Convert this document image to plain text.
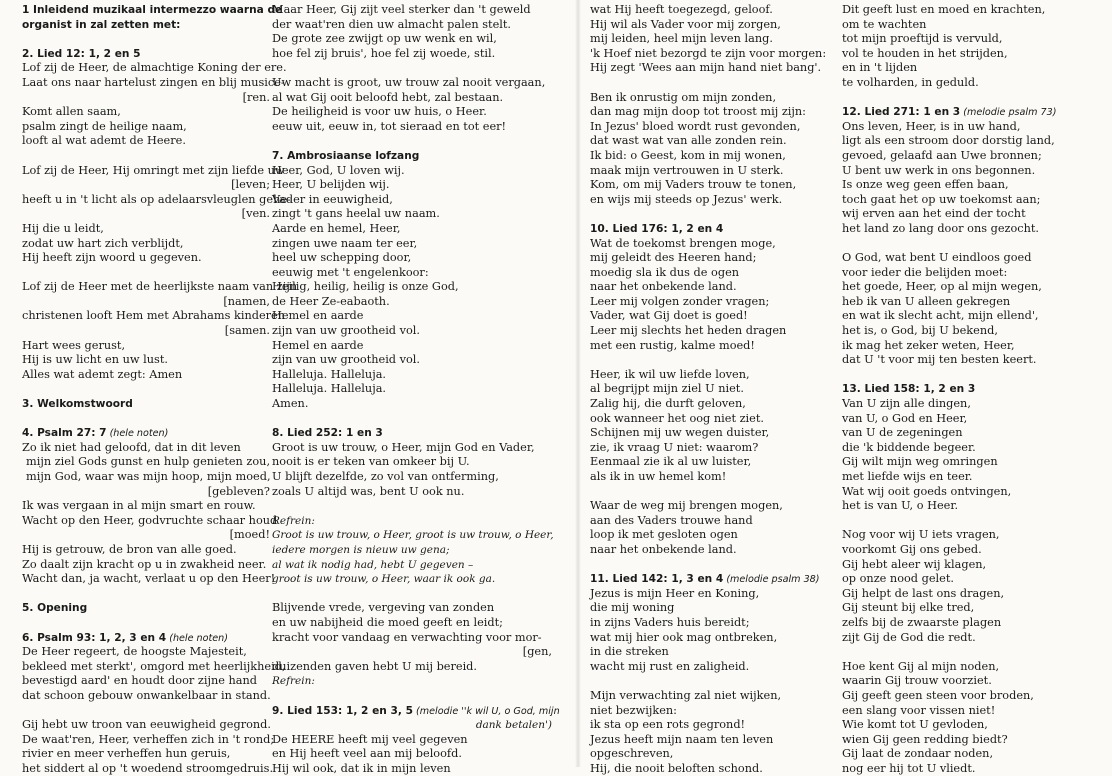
1 Inleidend muzikaal intermezzo waarna de
organist in zal zetten met:
2. Lied 12: 1, 2 en 5
Lof zij de Heer, de almachtige Koning der ere.
Laat ons naar hartelust zingen en blij musice-
[ren.
Komt allen saam,
psalm zingt de heilige naam,
looft al wat ademt de Heere.
Lof zij de Heer, Hij omringt met zijn liefde uw
[leven;
heeft u in 't licht als op adelaarsvleuglen gehe-
[ven.
Hij die u leidt,
zodat uw hart zich verblijdt,
Hij heeft zijn woord u gegeven.
Lof zij de Heer met de heerlijkste naam van zijn
[namen,
christenen looft Hem met Abrahams kinderen
[samen.
Hart wees gerust,
Hij is uw licht en uw lust.
Alles wat ademt zegt: Amen
3. Welkomstwoord
4. Psalm 27: 7 (hele noten)
Zo ik niet had geloofd, dat in dit leven
mijn ziel Gods gunst en hulp genieten zou,
mijn God, waar was mijn hoop, mijn moed,
[gebleven?
Ik was vergaan in al mijn smart en rouw.
Wacht op den Heer, godvruchte schaar houd
[moed!
Hij is getrouw, de bron van alle goed.
Zo daalt zijn kracht op u in zwakheid neer.
Wacht dan, ja wacht, verlaat u op den Heer!
5. Opening
6. Psalm 93: 1, 2, 3 en 4 (hele noten)
De Heer regeert, de hoogste Majesteit,
bekleed met sterkt', omgord met heerlijkheid,
bevestigd aard' en houdt door zijne hand
dat schoon gebouw onwankelbaar in stand.
Gij hebt uw troon van eeuwigheid gegrond.
De waat'ren, Heer, verheffen zich in 't rond;
rivier en meer verheffen hun geruis,
het siddert al op 't woedend stroomgedruis.
Maar Heer, Gij zijt veel sterker dan 't geweld
der waat'ren dien uw almacht palen stelt.
De grote zee zwijgt op uw wenk en wil,
hoe fel zij bruis', hoe fel zij woede, stil.
Uw macht is groot, uw trouw zal nooit vergaan,
al wat Gij ooit beloofd hebt, zal bestaan.
De heiligheid is voor uw huis, o Heer.
eeuw uit, eeuw in, tot sieraad en tot eer!
7. Ambrosiaanse lofzang
Heer, God, U loven wij.
Heer, U belijden wij.
Vader in eeuwigheid,
zingt 't gans heelal uw naam.
Aarde en hemel, Heer,
zingen uwe naam ter eer,
heel uw schepping door,
eeuwig met 't engelenkoor:
Heilig, heilig, heilig is onze God,
de Heer Ze-eabaoth.
Hemel en aarde
zijn van uw grootheid vol.
Hemel en aarde
zijn van uw grootheid vol.
Halleluja. Halleluja.
Halleluja. Halleluja.
Amen.
8. Lied 252: 1 en 3
Groot is uw trouw, o Heer, mijn God en Vader,
nooit is er teken van omkeer bij U.
U blijft dezelfde, zo vol van ontferming,
zoals U altijd was, bent U ook nu.
Refrein:
Groot is uw trouw, o Heer, groot is uw trouw, o Heer,
iedere morgen is nieuw uw gena;
al wat ik nodig had, hebt U gegeven –
groot is uw trouw, o Heer, waar ik ook ga.
Blijvende vrede, vergeving van zonden
en uw nabijheid die moed geeft en leidt;
kracht voor vandaag en verwachting voor mor-
[gen,
duizenden gaven hebt U mij bereid.
Refrein:
9. Lied 153: 1, 2 en 3, 5 (melodie ''k wil U, o God, mijn
dank betalen')
De HEERE heeft mij veel gegeven
en Hij heeft veel aan mij beloofd.
Hij wil ook, dat ik in mijn leven
wat Hij heeft toegezegd, geloof.
Hij wil als Vader voor mij zorgen,
mij leiden, heel mijn leven lang.
'k Hoef niet bezorgd te zijn voor morgen:
Hij zegt 'Wees aan mijn hand niet bang'.
Ben ik onrustig om mijn zonden,
dan mag mijn doop tot troost mij zijn:
In Jezus' bloed wordt rust gevonden,
dat wast wat van alle zonden rein.
Ik bid: o Geest, kom in mij wonen,
maak mijn vertrouwen in U sterk.
Kom, om mij Vaders trouw te tonen,
en wijs mij steeds op Jezus' werk.
10. Lied 176: 1, 2 en 4
Wat de toekomst brengen moge,
mij geleidt des Heeren hand;
moedig sla ik dus de ogen
naar het onbekende land.
Leer mij volgen zonder vragen;
Vader, wat Gij doet is goed!
Leer mij slechts het heden dragen
met een rustig, kalme moed!
Heer, ik wil uw liefde loven,
al begrijpt mijn ziel U niet.
Zalig hij, die durft geloven,
ook wanneer het oog niet ziet.
Schijnen mij uw wegen duister,
zie, ik vraag U niet: waarom?
Eenmaal zie ik al uw luister,
als ik in uw hemel kom!
Waar de weg mij brengen mogen,
aan des Vaders trouwe hand
loop ik met gesloten ogen
naar het onbekende land.
11. Lied 142: 1, 3 en 4 (melodie psalm 38)
Jezus is mijn Heer en Koning,
die mij woning
in zijns Vaders huis bereidt;
wat mij hier ook mag ontbreken,
in die streken
wacht mij rust en zaligheid.
Mijn verwachting zal niet wijken,
niet bezwijken:
ik sta op een rots gegrond!
Jezus heeft mijn naam ten leven
opgeschreven,
Hij, die nooit beloften schond.
Dit geeft lust en moed en krachten,
om te wachten
tot mijn proeftijd is vervuld,
vol te houden in het strijden,
en in 't lijden
te volharden, in geduld.
12. Lied 271: 1 en 3 (melodie psalm 73)
Ons leven, Heer, is in uw hand,
ligt als een stroom door dorstig land,
gevoed, gelaafd aan Uwe bronnen;
U bent uw werk in ons begonnen.
Is onze weg geen effen baan,
toch gaat het op uw toekomst aan;
wij erven aan het eind der tocht
het land zo lang door ons gezocht.
O God, wat bent U eindloos goed
voor ieder die belijden moet:
het goede, Heer, op al mijn wegen,
heb ik van U alleen gekregen
en wat ik slecht acht, mijn ellend',
het is, o God, bij U bekend,
ik mag het zeker weten, Heer,
dat U 't voor mij ten besten keert.
13. Lied 158: 1, 2 en 3
Van U zijn alle dingen,
van U, o God en Heer,
van U de zegeningen
die 'k biddende begeer.
Gij wilt mijn weg omringen
met liefde wijs en teer.
Wat wij ooit goeds ontvingen,
het is van U, o Heer.
Nog voor wij U iets vragen,
voorkomt Gij ons gebed.
Gij hebt aleer wij klagen,
op onze nood gelet.
Gij helpt de last ons dragen,
Gij steunt bij elke tred,
zelfs bij de zwaarste plagen
zijt Gij de God die redt.
Hoe kent Gij al mijn noden,
waarin Gij trouw voorziet.
Gij geeft geen steen voor broden,
een slang voor vissen niet!
Wie komt tot U gevloden,
wien Gij geen redding biedt?
Gij laat de zondaar noden,
nog eer hij tot U vliedt.
